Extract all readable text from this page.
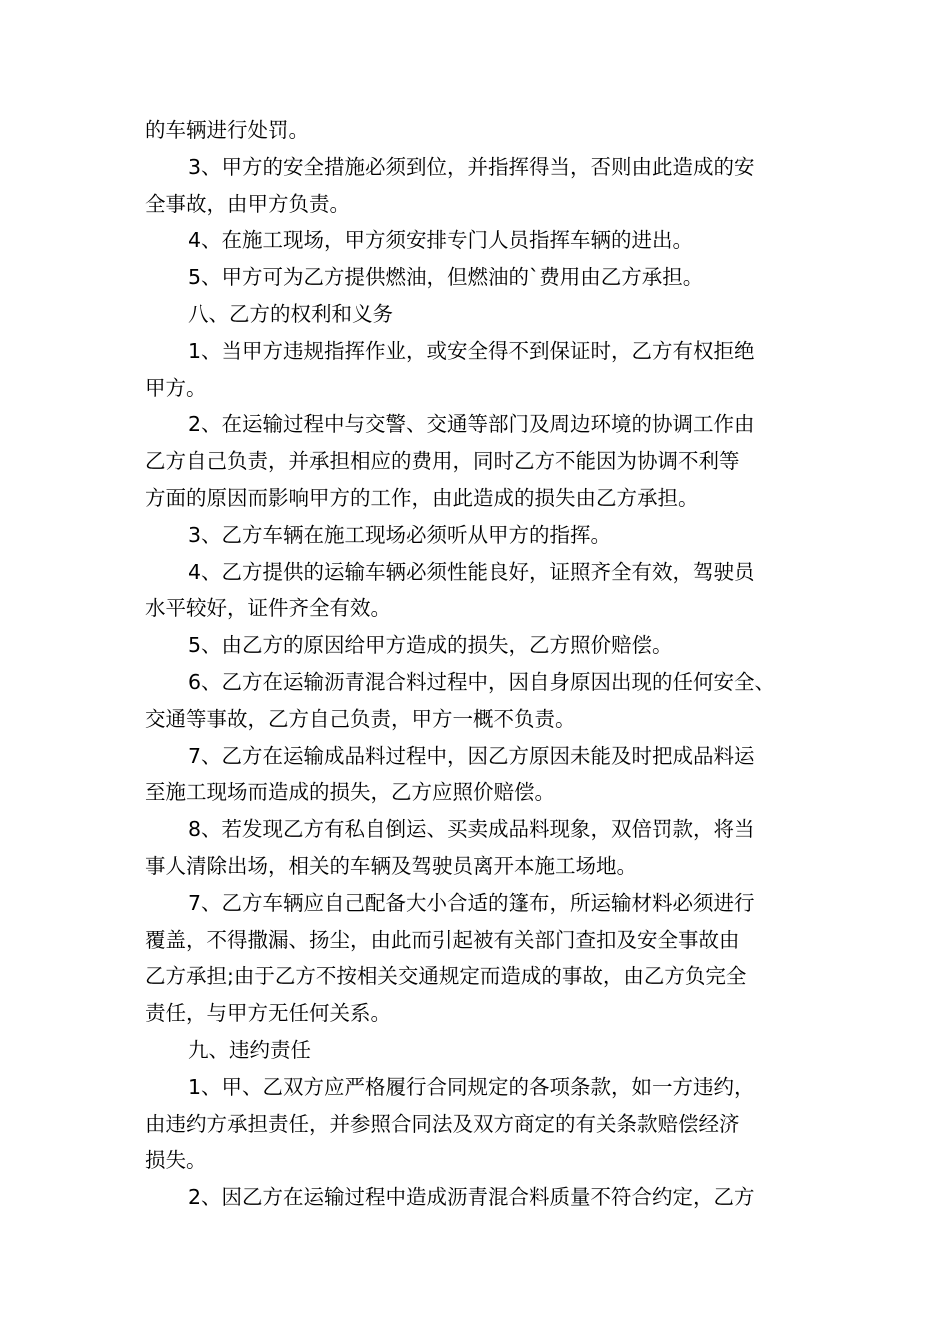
的车辆进行处罚。
3、甲方的安全措施必须到位，并指挥得当，否则由此造成的安
全事故，由甲方负责。
4、在施工现场，甲方须安排专门人员指挥车辆的进出。
5、甲方可为乙方提供燃油，但燃油的`费用由乙方承担。
八、乙方的权利和义务
1、当甲方违规指挥作业，或安全得不到保证时，乙方有权拒绝
甲方。
2、在运输过程中与交警、交通等部门及周边环境的协调工作由
乙方自己负责，并承担相应的费用，同时乙方不能因为协调不利等
方面的原因而影响甲方的工作，由此造成的损失由乙方承担。
3、乙方车辆在施工现场必须听从甲方的指挥。
4、乙方提供的运输车辆必须性能良好，证照齐全有效，驾驶员
水平较好，证件齐全有效。
5、由乙方的原因给甲方造成的损失，乙方照价赔偿。
6、乙方在运输沥青混合料过程中，因自身原因出现的任何安全、
交通等事故，乙方自己负责，甲方一概不负责。
7、乙方在运输成品料过程中，因乙方原因未能及时把成品料运
至施工现场而造成的损失，乙方应照价赔偿。
8、若发现乙方有私自倒运、买卖成品料现象，双倍罚款，将当
事人清除出场，相关的车辆及驾驶员离开本施工场地。
7、乙方车辆应自己配备大小合适的篷布，所运输材料必须进行
覆盖，不得撒漏、扬尘，由此而引起被有关部门查扣及安全事故由
乙方承担;由于乙方不按相关交通规定而造成的事故，由乙方负完全
责任，与甲方无任何关系。
九、违约责任
1、甲、乙双方应严格履行合同规定的各项条款，如一方违约，
由违约方承担责任，并参照合同法及双方商定的有关条款赔偿经济
损失。
2、因乙方在运输过程中造成沥青混合料质量不符合约定，乙方
